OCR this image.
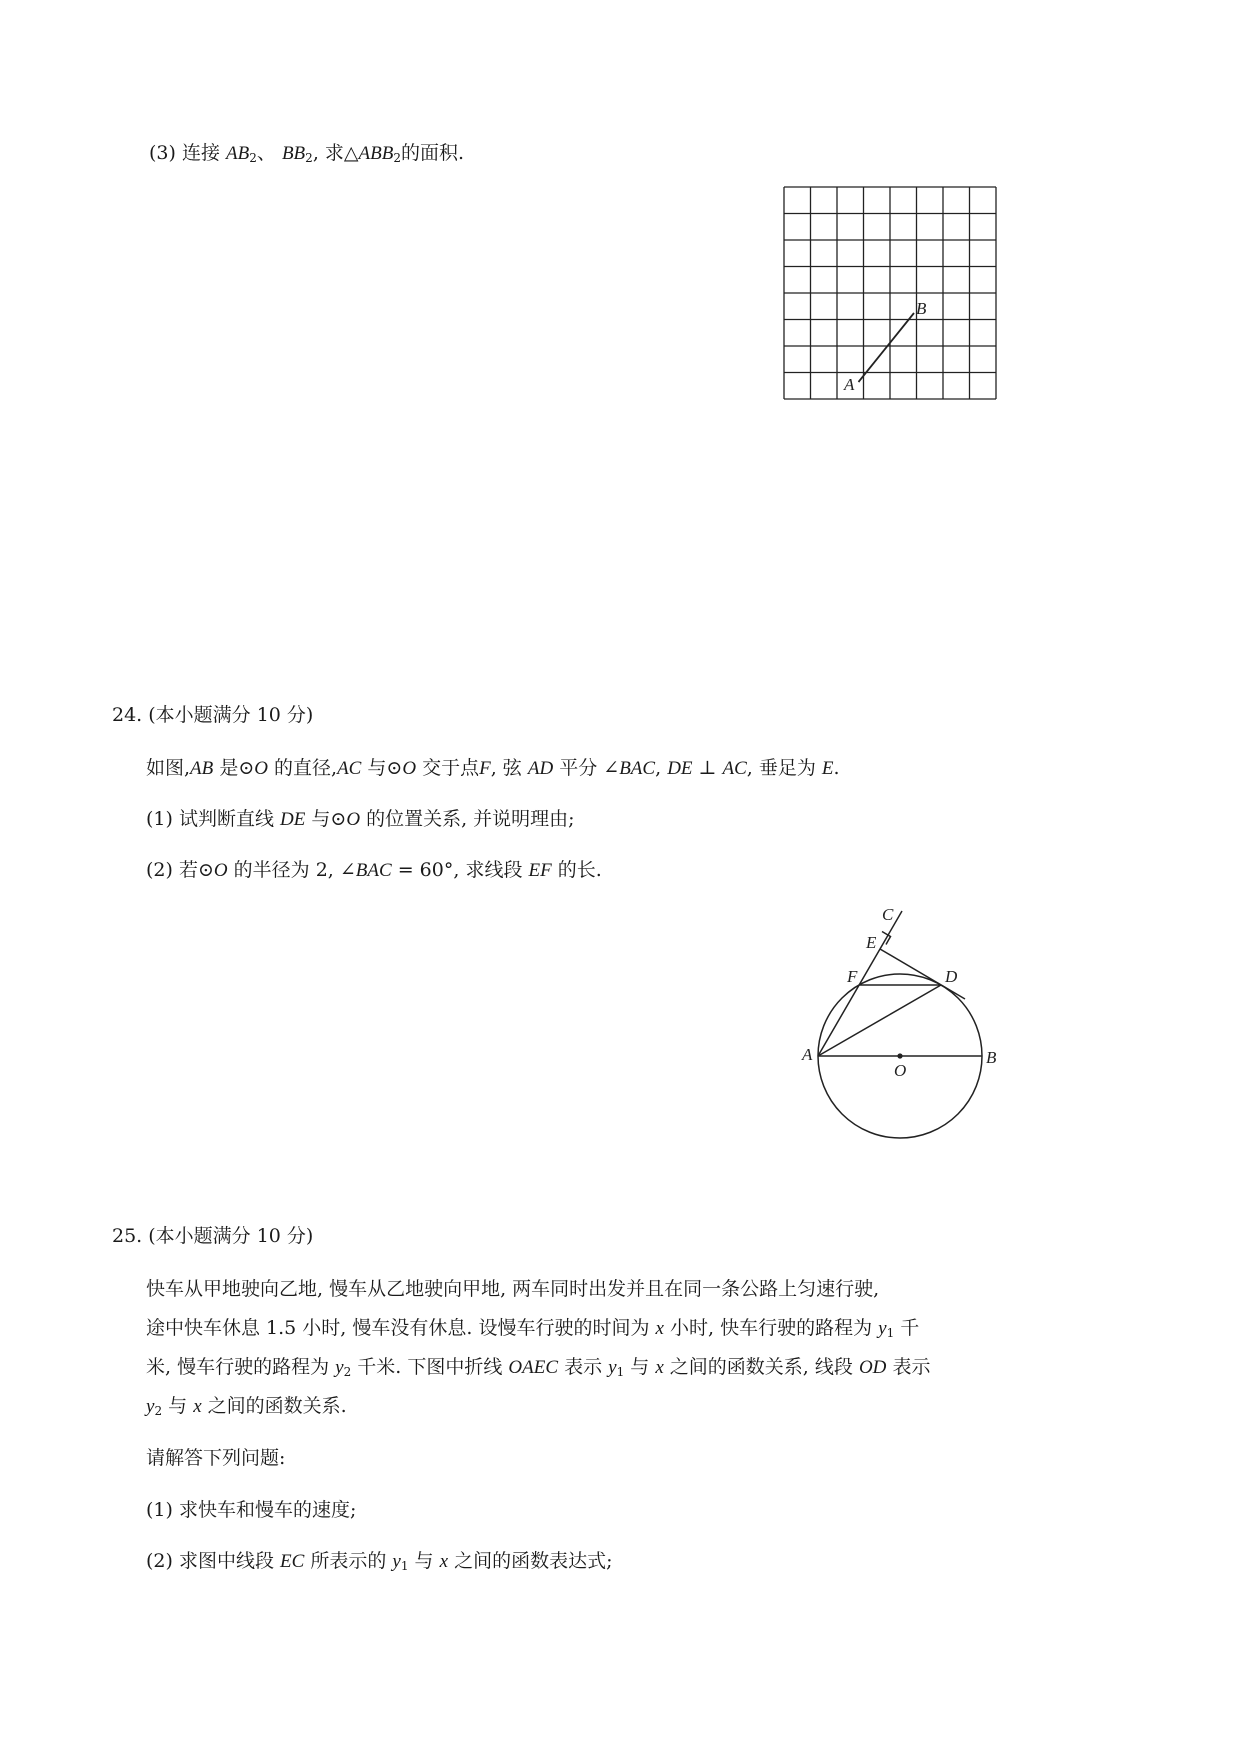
(3) 连接 $AB_2$、 $BB_2$, 求$\triangle ABB_2$的面积.
A
B
24. (本小题满分 10 分)
如图,AB 是⊙O 的直径,AC 与⊙O 交于点F, 弦 AD 平分 ∠BAC, DE ⊥ AC, 垂足为 E.
(1) 试判断直线 DE 与⊙O 的位置关系, 并说明理由;
(2) 若⊙O 的半径为 2, ∠BAC = 60°, 求线段 EF 的长.
C
E
F	D
A
O
B
25. (本小题满分 10 分)
快车从甲地驶向乙地, 慢车从乙地驶向甲地, 两车同时出发并且在同一条公路上匀速行驶,
途中快车休息 1.5 小时, 慢车没有休息. 设慢车行驶的时间为 x 小时, 快车行驶的路程为 $y_1$ 千
米, 慢车行驶的路程为 $y_2$ 千米. 下图中折线 OAEC 表示 $y_1$ 与 x 之间的函数关系, 线段 OD 表示
$y_2$ 与 x 之间的函数关系.
请解答下列问题:
(1) 求快车和慢车的速度;
(2) 求图中线段 EC 所表示的 $y_1$ 与 x 之间的函数表达式;
